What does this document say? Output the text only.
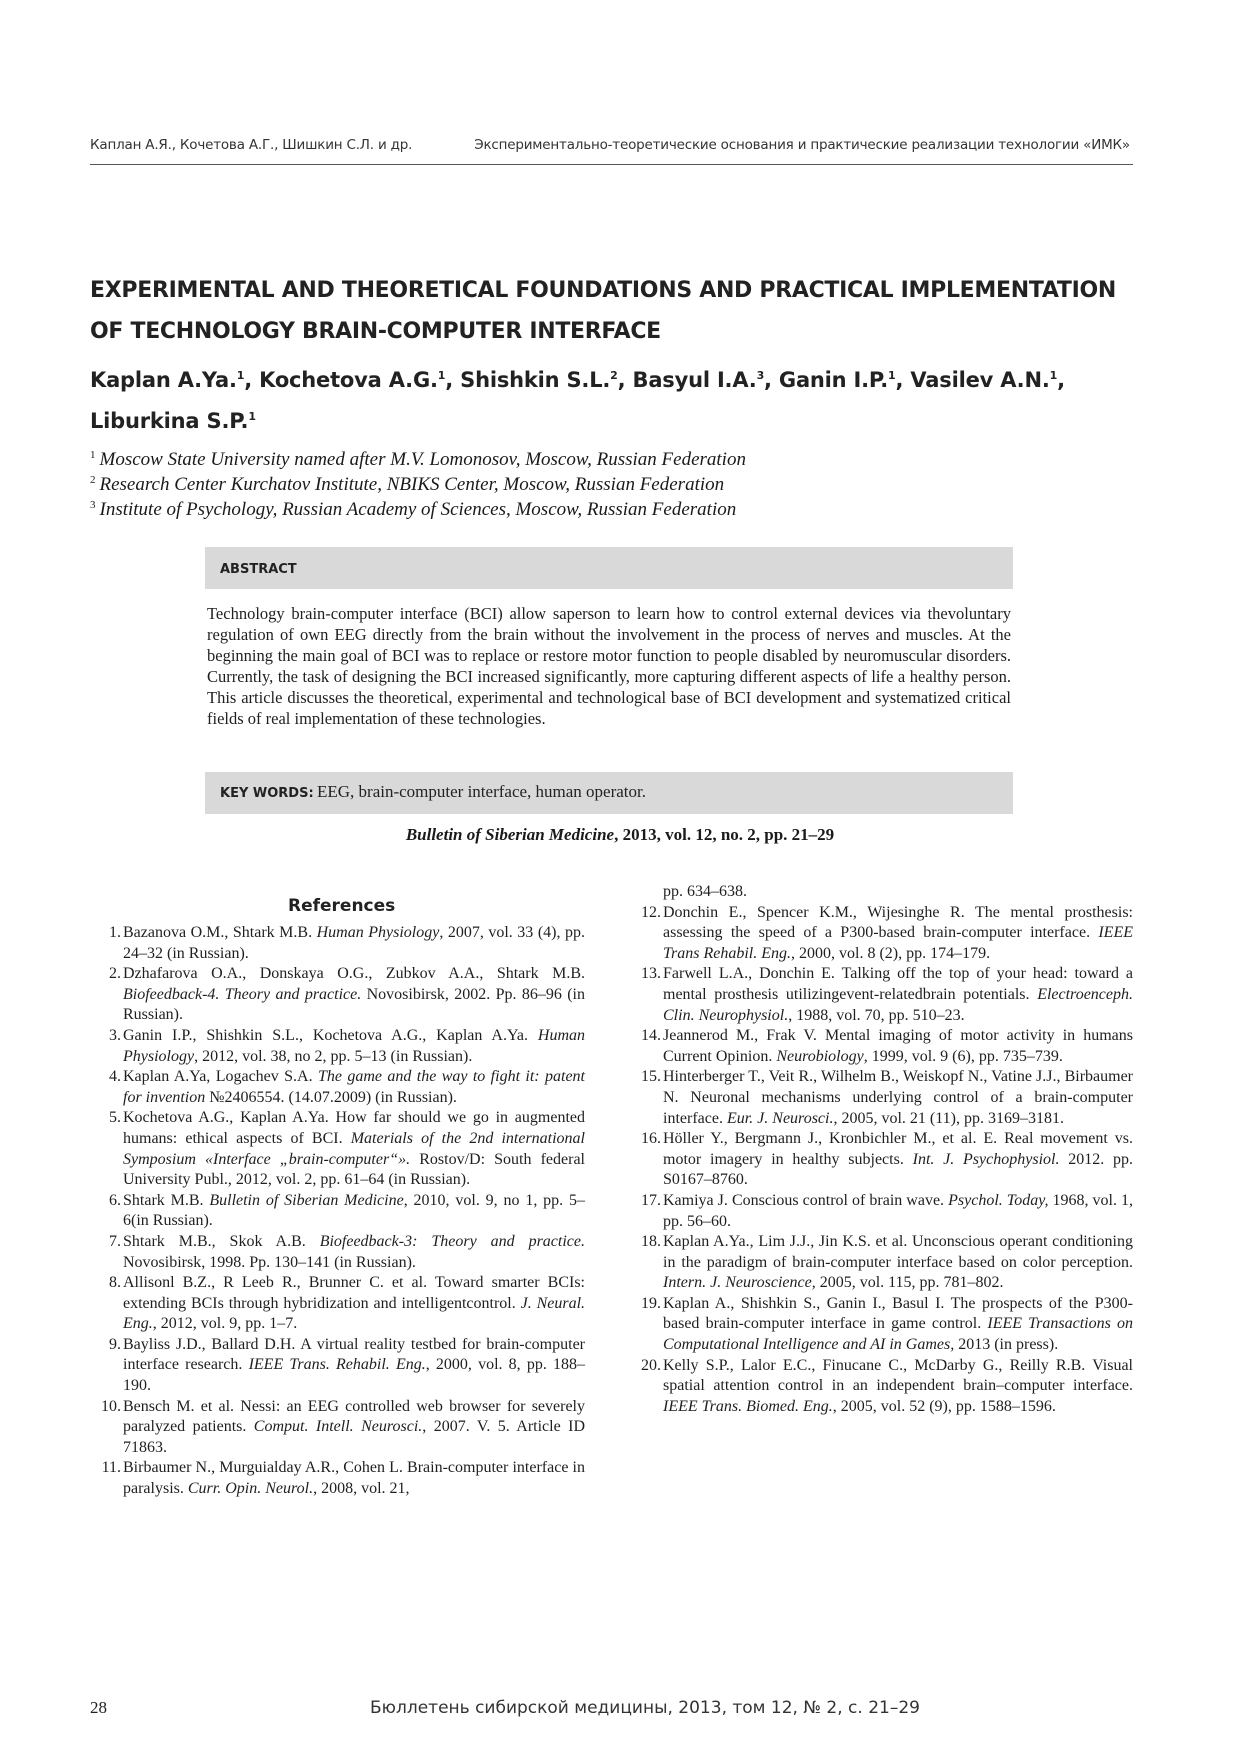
Каплан А.Я., Кочетова А.Г., Шишкин С.Л. и др.	Экспериментально-теоретические основания и практические реализации технологии «ИМК»
EXPERIMENTAL AND THEORETICAL FOUNDATIONS AND PRACTICAL IMPLEMENTATION
OF TECHNOLOGY BRAIN-COMPUTER INTERFACE
Kaplan A.Ya.$^1$, Kochetova A.G.$^1$, Shishkin S.L.$^2$, Basyul I.A.$^3$, Ganin I.P.$^1$, Vasilev A.N.$^1$,
Liburkina S.P.$^1$
$^1$ Moscow State University named after M.V. Lomonosov, Moscow, Russian Federation
$^2$ Research Center Kurchatov Institute, NBIKS Center, Moscow, Russian Federation
$^3$ Institute of Psychology, Russian Academy of Sciences, Moscow, Russian Federation
ABSTRACT
Technology brain-computer interface (BCI) allow saperson to learn how to control external devices via thevoluntary regulation of own EEG directly from the brain without the involvement in the process of nerves and muscles. At the beginning the main goal of BCI was to replace or restore motor function to people disabled by neuromuscular disorders. Currently, the task of designing the BCI increased significantly, more capturing different aspects of life a healthy person. This article discusses the theoretical, experimental and technological base of BCI development and systematized critical fields of real implementation of these technologies.
KEY WORDS: EEG, brain-computer interface, human operator.
Bulletin of Siberian Medicine, 2013, vol. 12, no. 2, pp. 21–29
References
1. Bazanova O.M., Shtark M.B. Human Physiology, 2007, vol. 33 (4), pp. 24–32 (in Russian).
2. Dzhafarova O.A., Donskaya O.G., Zubkov A.A., Shtark M.B. Biofeedback-4. Theory and practice. Novosibirsk, 2002. Pp. 86–96 (in Russian).
3. Ganin I.P., Shishkin S.L., Kochetova A.G., Kaplan A.Ya. Human Physiology, 2012, vol. 38, no 2, pp. 5–13 (in Russian).
4. Kaplan A.Ya, Logachev S.A. The game and the way to fight it: patent for invention №2406554. (14.07.2009) (in Russian).
5. Kochetova A.G., Kaplan A.Ya. How far should we go in augmented humans: ethical aspects of BCI. Materials of the 2nd international Symposium «Interface „brain-computer“». Rostov/D: South federal University Publ., 2012, vol. 2, pp. 61–64 (in Russian).
6. Shtark M.B. Bulletin of Siberian Medicine, 2010, vol. 9, no 1, pp. 5–6(in Russian).
7. Shtark M.B., Skok A.B. Biofeedback-3: Theory and practice. Novosibirsk, 1998. Pp. 130–141 (in Russian).
8. Allisonl B.Z., R Leeb R., Brunner C. et al. Toward smarter BCIs: extending BCIs through hybridization and intelligentcontrol. J. Neural. Eng., 2012, vol. 9, pp. 1–7.
9. Bayliss J.D., Ballard D.H. A virtual reality testbed for brain-computer interface research. IEEE Trans. Rehabil. Eng., 2000, vol. 8, pp. 188–190.
10. Bensch M. et al. Nessi: an EEG controlled web browser for severely paralyzed patients. Comput. Intell. Neurosci., 2007. V. 5. Article ID 71863.
11. Birbaumer N., Murguialday A.R., Cohen L. Brain-computer interface in paralysis. Curr. Opin. Neurol., 2008, vol. 21,
pp. 634–638.
12. Donchin E., Spencer K.M., Wijesinghe R. The mental prosthesis: assessing the speed of a P300-based brain-computer interface. IEEE Trans Rehabil. Eng., 2000, vol. 8 (2), pp. 174–179.
13. Farwell L.A., Donchin E. Talking off the top of your head: toward a mental prosthesis utilizingevent-relatedbrain potentials. Electroenceph. Clin. Neurophysiol., 1988, vol. 70, pp. 510–23.
14. Jeannerod M., Frak V. Mental imaging of motor activity in humans Current Opinion. Neurobiology, 1999, vol. 9 (6), pp. 735–739.
15. Hinterberger T., Veit R., Wilhelm B., Weiskopf N., Vatine J.J., Birbaumer N. Neuronal mechanisms underlying control of a brain-computer interface. Eur. J. Neurosci., 2005, vol. 21 (11), pp. 3169–3181.
16. Höller Y., Bergmann J., Kronbichler M., et al. E. Real movement vs. motor imagery in healthy subjects. Int. J. Psychophysiol. 2012. pp. S0167–8760.
17. Kamiya J. Conscious control of brain wave. Psychol. Today, 1968, vol. 1, pp. 56–60.
18. Kaplan A.Ya., Lim J.J., Jin K.S. et al. Unconscious operant conditioning in the paradigm of brain-computer interface based on color perception. Intern. J. Neuroscience, 2005, vol. 115, pp. 781–802.
19. Kaplan A., Shishkin S., Ganin I., Basul I. The prospects of the P300-based brain-computer interface in game control. IEEE Transactions on Computational Intelligence and AI in Games, 2013 (in press).
20. Kelly S.P., Lalor E.C., Finucane C., McDarby G., Reilly R.B. Visual spatial attention control in an independent brain–computer interface. IEEE Trans. Biomed. Eng., 2005, vol. 52 (9), pp. 1588–1596.
28	Бюллетень сибирской медицины, 2013, том 12, № 2, с. 21–29
